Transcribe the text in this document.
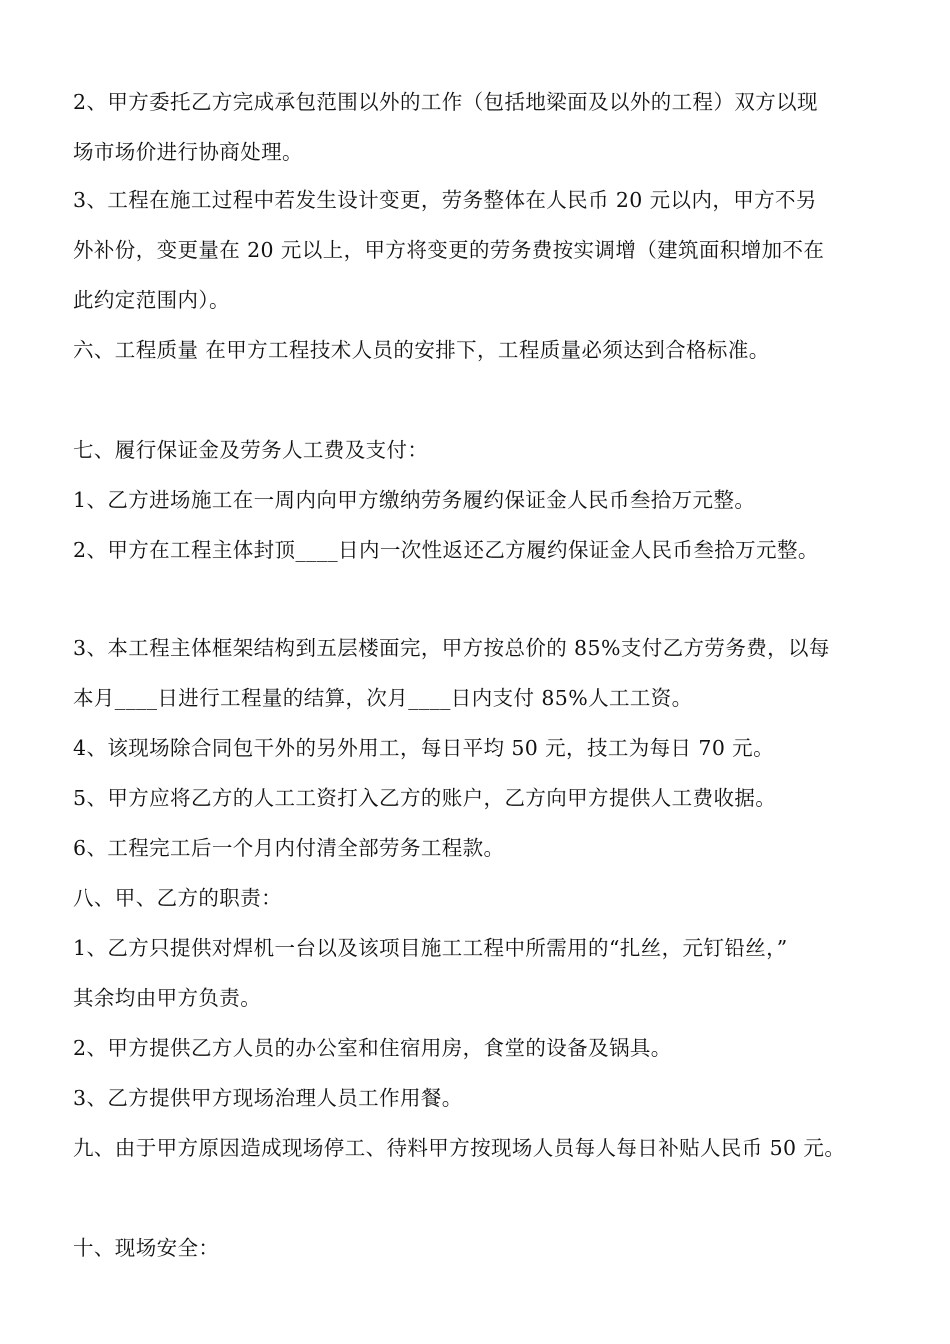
2、甲方委托乙方完成承包范围以外的工作（包括地梁面及以外的工程）双方以现
场市场价进行协商处理。
3、工程在施工过程中若发生设计变更，劳务整体在人民币 20 元以内，甲方不另
外补份，变更量在 20 元以上，甲方将变更的劳务费按实调增（建筑面积增加不在
此约定范围内）。
六、工程质量 在甲方工程技术人员的安排下，工程质量必须达到合格标准。
七、履行保证金及劳务人工费及支付：
1、乙方进场施工在一周内向甲方缴纳劳务履约保证金人民币叁拾万元整。
2、甲方在工程主体封顶____日内一次性返还乙方履约保证金人民币叁拾万元整。
3、本工程主体框架结构到五层楼面完，甲方按总价的 85%支付乙方劳务费，以每
本月____日进行工程量的结算，次月____日内支付 85%人工工资。
4、该现场除合同包干外的另外用工，每日平均 50 元，技工为每日 70 元。
5、甲方应将乙方的人工工资打入乙方的账户，乙方向甲方提供人工费收据。
6、工程完工后一个月内付清全部劳务工程款。
八、甲、乙方的职责：
1、乙方只提供对焊机一台以及该项目施工工程中所需用的“扎丝，元钉铅丝，”
其余均由甲方负责。
2、甲方提供乙方人员的办公室和住宿用房，食堂的设备及锅具。
3、乙方提供甲方现场治理人员工作用餐。
九、由于甲方原因造成现场停工、待料甲方按现场人员每人每日补贴人民币 50 元。
十、现场安全：
